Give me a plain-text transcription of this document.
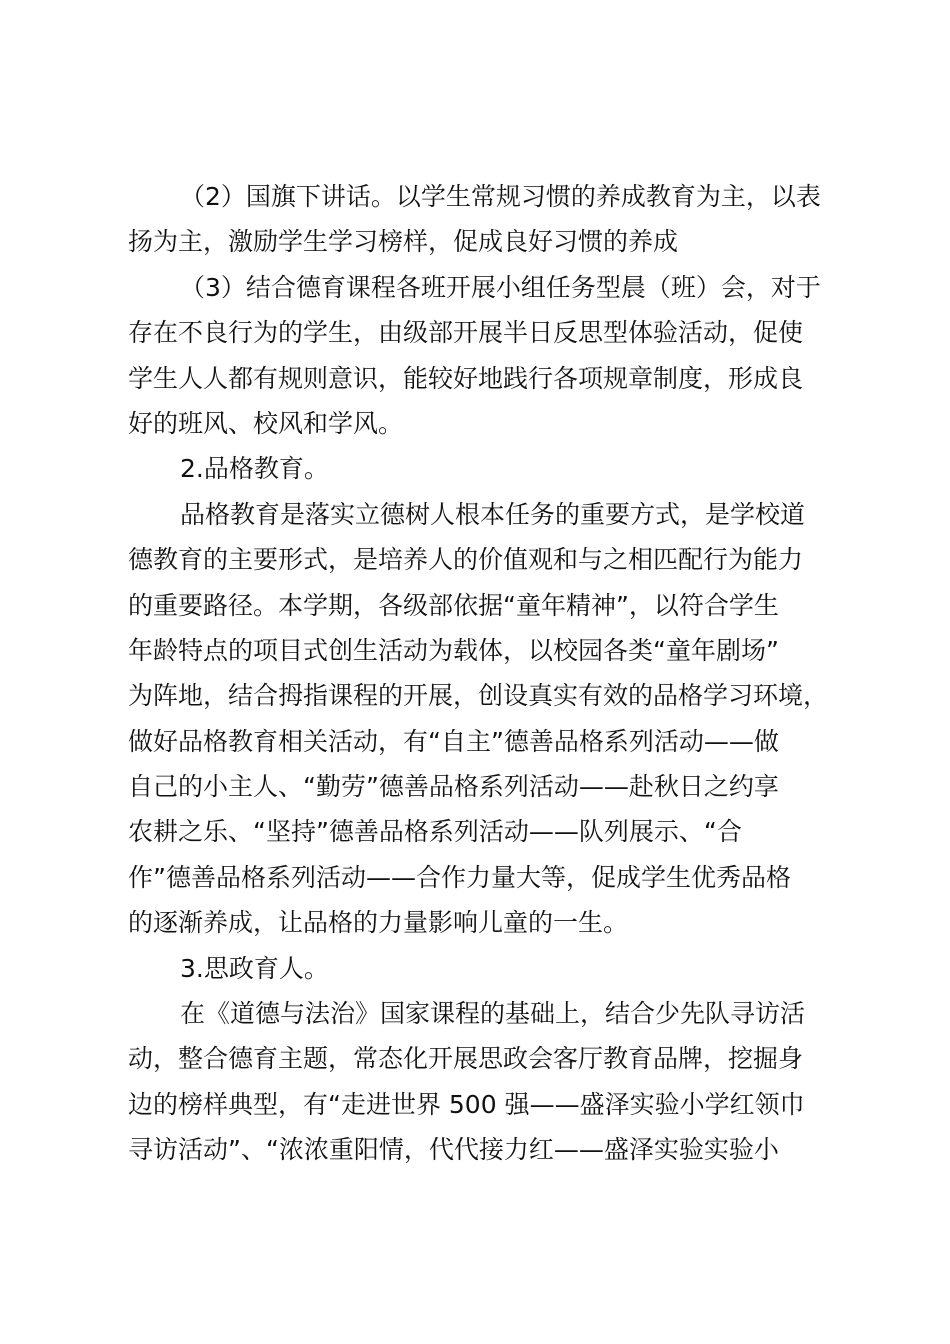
（2）国旗下讲话。以学生常规习惯的养成教育为主，以表
扬为主，激励学生学习榜样，促成良好习惯的养成
（3）结合德育课程各班开展小组任务型晨（班）会，对于
存在不良行为的学生，由级部开展半日反思型体验活动，促使
学生人人都有规则意识，能较好地践行各项规章制度，形成良
好的班风、校风和学风。
2.品格教育。
品格教育是落实立德树人根本任务的重要方式，是学校道
德教育的主要形式，是培养人的价值观和与之相匹配行为能力
的重要路径。本学期，各级部依据“童年精神”，以符合学生
年龄特点的项目式创生活动为载体，以校园各类“童年剧场”
为阵地，结合拇指课程的开展，创设真实有效的品格学习环境，
做好品格教育相关活动，有“自主”德善品格系列活动——做
自己的小主人、“勤劳”德善品格系列活动——赴秋日之约享
农耕之乐、“坚持”德善品格系列活动——队列展示、“合
作”德善品格系列活动——合作力量大等，促成学生优秀品格
的逐渐养成，让品格的力量影响儿童的一生。
3.思政育人。
在《道德与法治》国家课程的基础上，结合少先队寻访活
动，整合德育主题，常态化开展思政会客厅教育品牌，挖掘身
边的榜样典型，有“走进世界 500 强——盛泽实验小学红领巾
寻访活动”、“浓浓重阳情，代代接力红——盛泽实验实验小
